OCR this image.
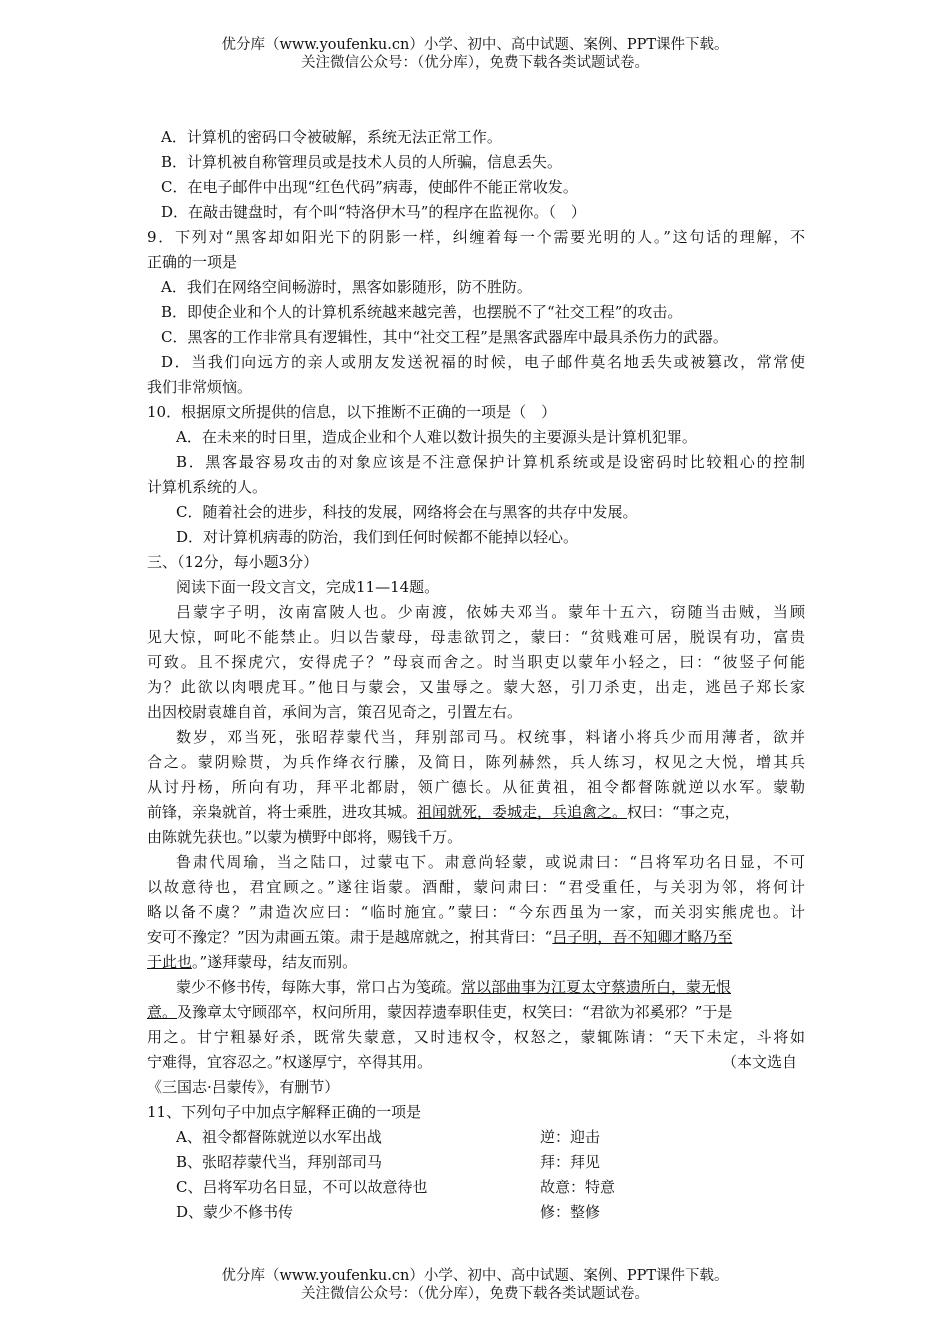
优分库（www.youfenku.cn）小学、初中、高中试题、案例、PPT课件下载。
关注微信公众号：（优分库），免费下载各类试题试卷。
A．计算机的密码口令被破解，系统无法正常工作。
B．计算机被自称管理员或是技术人员的人所骗，信息丢失。
C．在电子邮件中出现“红色代码”病毒，使邮件不能正常收发。
D．在敲击键盘时，有个叫“特洛伊木马”的程序在监视你。（　）
9．下列对“黑客却如阳光下的阴影一样，纠缠着每一个需要光明的人。”这句话的理解，不
正确的一项是
A．我们在网络空间畅游时，黑客如影随形，防不胜防。
B．即使企业和个人的计算机系统越来越完善，也摆脱不了“社交工程”的攻击。
C．黑客的工作非常具有逻辑性，其中“社交工程”是黑客武器库中最具杀伤力的武器。
D．当我们向远方的亲人或朋友发送祝福的时候，电子邮件莫名地丢失或被篡改，常常使
我们非常烦恼。
10．根据原文所提供的信息，以下推断不正确的一项是（　）
A．在未来的时日里，造成企业和个人难以数计损失的主要源头是计算机犯罪。
B．黑客最容易攻击的对象应该是不注意保护计算机系统或是设密码时比较粗心的控制
计算机系统的人。
C．随着社会的进步，科技的发展，网络将会在与黑客的共存中发展。
D．对计算机病毒的防治，我们到任何时候都不能掉以轻心。
三、（12分，每小题3分）
阅读下面一段文言文，完成11—14题。
吕蒙字子明，汝南富陂人也。少南渡，依姊夫邓当。蒙年十五六，窃随当击贼，当顾
见大惊，呵叱不能禁止。归以告蒙母，母恚欲罚之，蒙曰：“贫贱难可居，脱误有功，富贵
可致。且不探虎穴，安得虎子？”母哀而舍之。时当职吏以蒙年小轻之，曰：“彼竖子何能
为？此欲以肉喂虎耳。”他日与蒙会，又蚩辱之。蒙大怒，引刀杀吏，出走，逃邑子郑长家
出因校尉袁雄自首，承间为言，策召见奇之，引置左右。
数岁，邓当死，张昭荐蒙代当，拜别部司马。权统事，料诸小将兵少而用薄者，欲并
合之。蒙阴赊贳，为兵作绛衣行縢，及简日，陈列赫然，兵人练习，权见之大悦，增其兵
从讨丹杨，所向有功，拜平北都尉，领广德长。从征黄祖，祖令都督陈就逆以水军。蒙勒
前锋，亲枭就首，将士乘胜，进攻其城。祖闻就死，委城走，兵追禽之。权曰：“事之克，
由陈就先获也。”以蒙为横野中郎将，赐钱千万。
鲁肃代周瑜，当之陆口，过蒙屯下。肃意尚轻蒙，或说肃曰：“吕将军功名日显，不可
以故意待也，君宜顾之。”遂往诣蒙。酒酣，蒙问肃曰：“君受重任，与关羽为邻，将何计
略以备不虞？”肃造次应曰：“临时施宜。”蒙曰：“今东西虽为一家，而关羽实熊虎也。计
安可不豫定？”因为肃画五策。肃于是越席就之，拊其背曰：“吕子明，吾不知卿才略乃至
于此也。”遂拜蒙母，结友而别。
蒙少不修书传，每陈大事，常口占为笺疏。常以部曲事为江夏太守蔡遗所白，蒙无恨
意。及豫章太守顾邵卒，权问所用，蒙因荐遗奉职佳吏，权笑曰：“君欲为祁奚邪？”于是
用之。甘宁粗暴好杀，既常失蒙意，又时违权令，权怒之，蒙辄陈请：“天下未定，斗将如
宁难得，宜容忍之。”权遂厚宁，卒得其用。	（本文选自
《三国志·吕蒙传》，有删节）
11、下列句子中加点字解释正确的一项是
A、祖令都督陈就逆以水军出战	逆：迎击
B、张昭荐蒙代当，拜别部司马	拜：拜见
C、吕将军功名日显，不可以故意待也	故意：特意
D、蒙少不修书传	修：整修
优分库（www.youfenku.cn）小学、初中、高中试题、案例、PPT课件下载。
关注微信公众号：（优分库），免费下载各类试题试卷。
